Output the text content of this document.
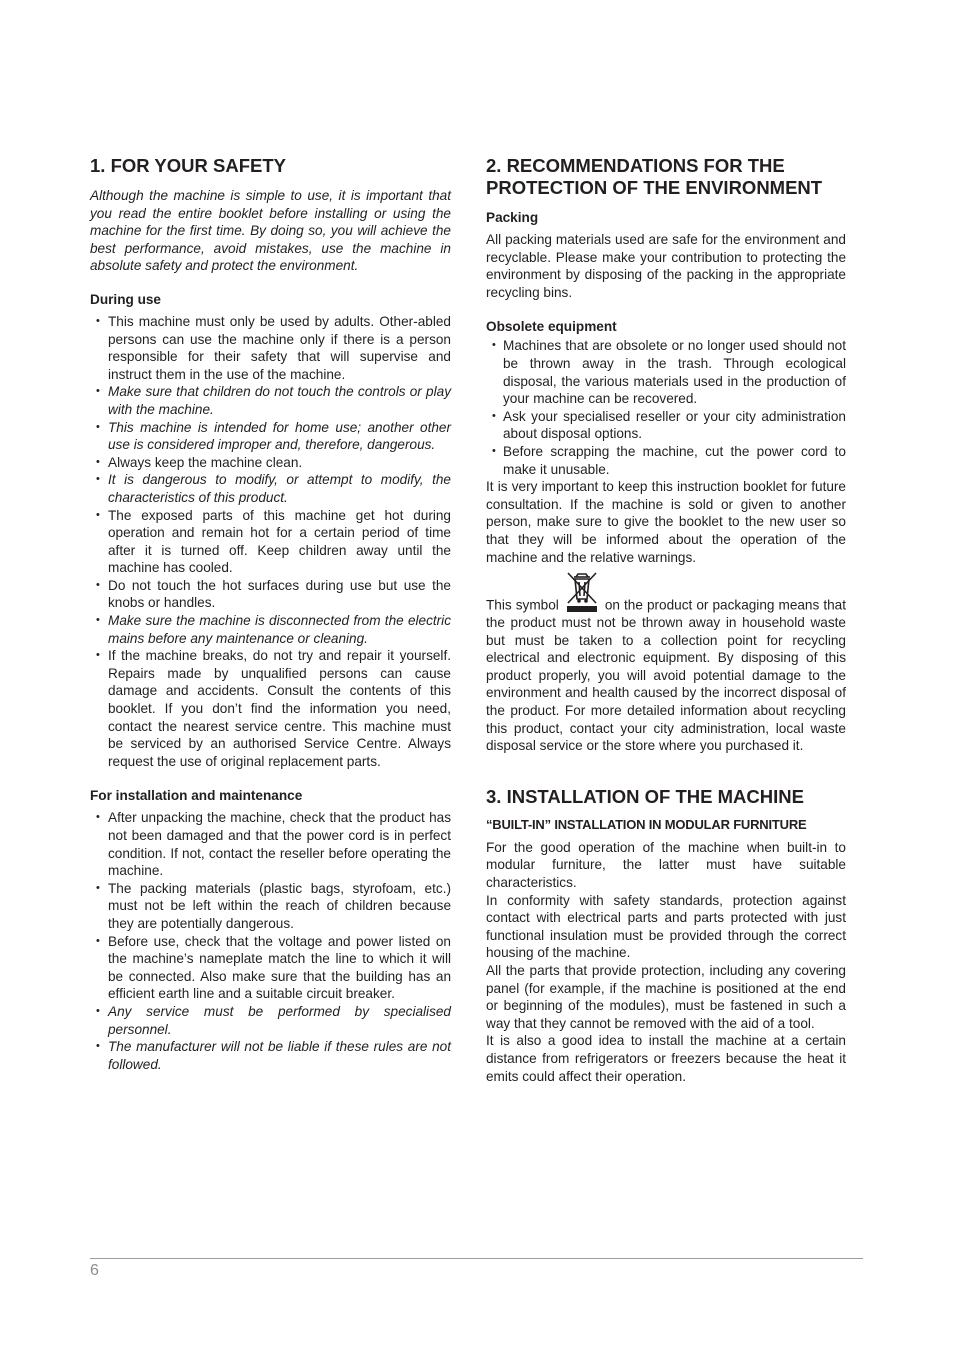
1. FOR YOUR SAFETY

Although the machine is simple to use, it is important that you read the entire booklet before installing or using the machine for the first time. By doing so, you will achieve the best performance, avoid mistakes, use the machine in absolute safety and protect the environment.

During use
• This machine must only be used by adults. Other-abled persons can use the machine only if there is a person responsible for their safety that will supervise and instruct them in the use of the machine.
• Make sure that children do not touch the controls or play with the machine.
• This machine is intended for home use; another other use is considered improper and, therefore, dangerous.
• Always keep the machine clean.
• It is dangerous to modify, or attempt to modify, the characteristics of this product.
• The exposed parts of this machine get hot during operation and remain hot for a certain period of time after it is turned off. Keep children away until the machine has cooled.
• Do not touch the hot surfaces during use but use the knobs or handles.
• Make sure the machine is disconnected from the electric mains before any maintenance or cleaning.
• If the machine breaks, do not try and repair it yourself. Repairs made by unqualified persons can cause damage and accidents. Consult the contents of this booklet. If you don’t find the information you need, contact the nearest service centre. This machine must be serviced by an authorised Service Centre. Always request the use of original replacement parts.
For installation and maintenance
• After unpacking the machine, check that the product has not been damaged and that the power cord is in perfect condition. If not, contact the reseller before operating the machine.
• The packing materials (plastic bags, styrofoam, etc.) must not be left within the reach of children because they are potentially dangerous.
• Before use, check that the voltage and power listed on the machine’s nameplate match the line to which it will be connected. Also make sure that the building has an efficient earth line and a suitable circuit breaker.
• Any service must be performed by specialised personnel.
• The manufacturer will not be liable if these rules are not followed.
2. RECOMMENDATIONS FOR THE PROTECTION OF THE ENVIRONMENT
Packing

All packing materials used are safe for the environment and recyclable. Please make your contribution to protecting the environment by disposing of the packing in the appropriate recycling bins.

Obsolete equipment
• Machines that are obsolete or no longer used should not be thrown away in the trash. Through ecological disposal, the various materials used in the production of your machine can be recovered.
• Ask your specialised reseller or your city administration about disposal options.
• Before scrapping the machine, cut the power cord to make it unusable.

It is very important to keep this instruction booklet for future consultation. If the machine is sold or given to another person, make sure to give the booklet to the new user so that they will be informed about the operation of the machine and the relative warnings.

This symbol	on the product or packaging means that the product must not be thrown away in household waste but must be taken to a collection point for recycling electrical and electronic equipment. By disposing of this product properly, you will avoid potential damage to the environment and health caused by the incorrect disposal of the product. For more detailed information about recycling this product, contact your city administration, local waste disposal service or the store where you purchased it.

3. INSTALLATION OF THE MACHINE
“BUILT-IN” INSTALLATION IN MODULAR FURNITURE

For the good operation of the machine when built-in to modular furniture, the latter must have suitable characteristics.

In conformity with safety standards, protection against contact with electrical parts and parts protected with just functional insulation must be provided through the correct housing of the machine.

All the parts that provide protection, including any covering panel (for example, if the machine is positioned at the end or beginning of the modules), must be fastened in such a way that they cannot be removed with the aid of a tool.

It is also a good idea to install the machine at a certain distance from refrigerators or freezers because the heat it emits could affect their operation.

6
